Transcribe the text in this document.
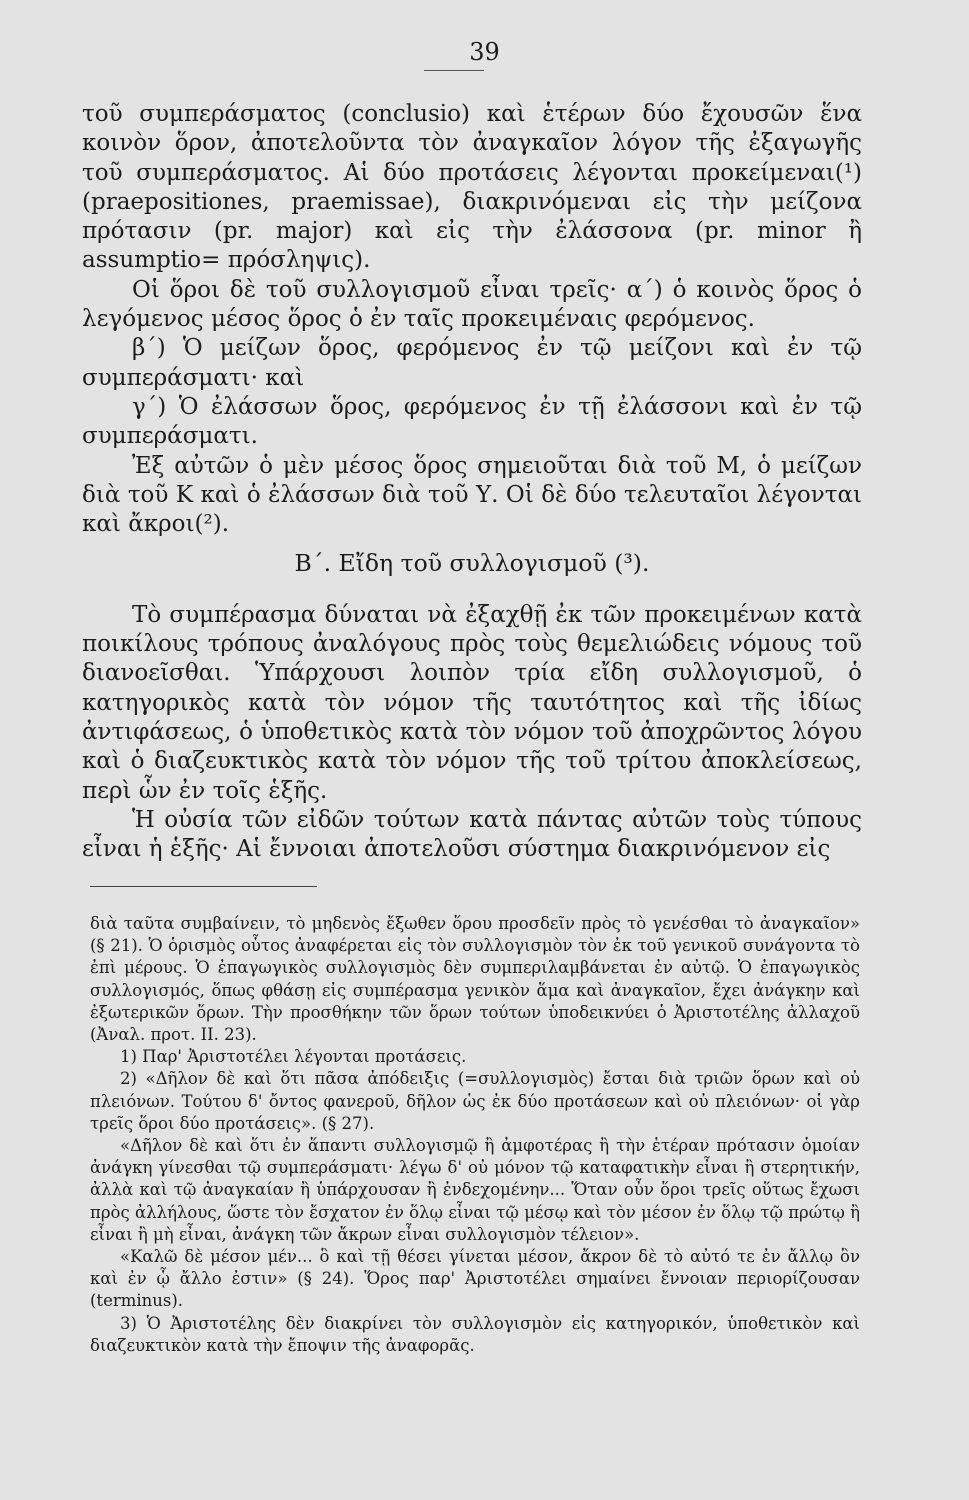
39

τοῦ συμπεράσματος (conclusio) καὶ ἑτέρων δύο ἔχουσῶν ἕνα κοινὸν ὅρον, ἀποτελοῦντα τὸν ἀναγκαῖον λόγον τῆς ἐξαγωγῆς τοῦ συμπεράσματος. Αἱ δύο προτάσεις λέγονται προκείμεναι(¹) (praepositiones, praemissae), διακρινόμεναι εἰς τὴν μείζονα πρότασιν (pr. major) καὶ εἰς τὴν ἐλάσσονα (pr. minor ἢ assumptio= πρόσληψις).

Οἱ ὅροι δὲ τοῦ συλλογισμοῦ εἶναι τρεῖς· α΄) ὁ κοινὸς ὅρος ὁ λεγόμενος μέσος ὅρος ὁ ἐν ταῖς προκειμέναις φερόμενος.

β΄) Ὁ μείζων ὅρος, φερόμενος ἐν τῷ μείζονι καὶ ἐν τῷ συμπεράσματι· καὶ

γ΄) Ὁ ἐλάσσων ὅρος, φερόμενος ἐν τῇ ἐλάσσονι καὶ ἐν τῷ συμπεράσματι.

Ἐξ αὐτῶν ὁ μὲν μέσος ὅρος σημειοῦται διὰ τοῦ Μ, ὁ μείζων διὰ τοῦ Κ καὶ ὁ ἐλάσσων διὰ τοῦ Υ. Οἱ δὲ δύο τελευταῖοι λέγονται καὶ ἄκροι(²).

Β΄. Εἴδη τοῦ συλλογισμοῦ (³).

Τὸ συμπέρασμα δύναται νὰ ἐξαχθῇ ἐκ τῶν προκειμένων κατὰ ποικίλους τρόπους ἀναλόγους πρὸς τοὺς θεμελιώδεις νόμους τοῦ διανοεῖσθαι. Ὑπάρχουσι λοιπὸν τρία εἴδη συλλογισμοῦ, ὁ κατηγορικὸς κατὰ τὸν νόμον τῆς ταυτότητος καὶ τῆς ἰδίως ἀντιφάσεως, ὁ ὑποθετικὸς κατὰ τὸν νόμον τοῦ ἀποχρῶντος λόγου καὶ ὁ διαζευκτικὸς κατὰ τὸν νόμον τῆς τοῦ τρίτου ἀποκλείσεως, περὶ ὧν ἐν τοῖς ἑξῆς.

Ἡ οὐσία τῶν εἰδῶν τούτων κατὰ πάντας αὐτῶν τοὺς τύπους εἶναι ἡ ἑξῆς· Αἱ ἔννοιαι ἀποτελοῦσι σύστημα διακρινόμενον εἰς

διὰ ταῦτα συμβαίνειν, τὸ μηδενὸς ἔξωθεν ὅρου προσδεῖν πρὸς τὸ γενέσθαι τὸ ἀναγκαῖον» (§ 21). Ὁ ὁρισμὸς οὗτος ἀναφέρεται εἰς τὸν συλλογισμὸν τὸν ἐκ τοῦ γενικοῦ συνάγοντα τὸ ἐπὶ μέρους. Ὁ ἐπαγωγικὸς συλλογισμὸς δὲν συμπεριλαμβάνεται ἐν αὐτῷ. Ὁ ἐπαγωγικὸς συλλογισμός, ὅπως φθάσῃ εἰς συμπέρασμα γενικὸν ἅμα καὶ ἀναγκαῖον, ἔχει ἀνάγκην καὶ ἐξωτερικῶν ὅρων. Τὴν προσθήκην τῶν ὅρων τούτων ὑποδεικνύει ὁ Ἀριστοτέλης ἀλλαχοῦ (Ἀναλ. προτ. ΙΙ. 23).

1) Παρ' Ἀριστοτέλει λέγονται προτάσεις.

2) «Δῆλον δὲ καὶ ὅτι πᾶσα ἀπόδειξις (=συλλογισμὸς) ἔσται διὰ τριῶν ὅρων καὶ οὐ πλειόνων. Τούτου δ' ὄντος φανεροῦ, δῆλον ὡς ἐκ δύο προτάσεων καὶ οὐ πλειόνων· οἱ γὰρ τρεῖς ὅροι δύο προτάσεις». (§ 27).

«Δῆλον δὲ καὶ ὅτι ἐν ἅπαντι συλλογισμῷ ἢ ἀμφοτέρας ἢ τὴν ἑτέραν πρότασιν ὁμοίαν ἀνάγκη γίνεσθαι τῷ συμπεράσματι· λέγω δ' οὐ μόνον τῷ καταφατικὴν εἶναι ἢ στερητικήν, ἀλλὰ καὶ τῷ ἀναγκαίαν ἢ ὑπάρχουσαν ἢ ἐνδεχομένην... Ὅταν οὖν ὅροι τρεῖς οὕτως ἔχωσι πρὸς ἀλλήλους, ὥστε τὸν ἔσχατον ἐν ὅλῳ εἶναι τῷ μέσῳ καὶ τὸν μέσον ἐν ὅλῳ τῷ πρώτῳ ἢ εἶναι ἢ μὴ εἶναι, ἀνάγκη τῶν ἄκρων εἶναι συλλογισμὸν τέλειον».

«Καλῶ δὲ μέσον μέν... ὃ καὶ τῇ θέσει γίνεται μέσον, ἄκρον δὲ τὸ αὐτό τε ἐν ἄλλῳ ὂν καὶ ἐν ᾧ ἄλλο ἐστιν» (§ 24). Ὅρος παρ' Ἀριστοτέλει σημαίνει ἔννοιαν περιορίζουσαν (terminus).

3) Ὁ Ἀριστοτέλης δὲν διακρίνει τὸν συλλογισμὸν εἰς κατηγορικόν, ὑποθετικὸν καὶ διαζευκτικὸν κατὰ τὴν ἔποψιν τῆς ἀναφορᾶς.
